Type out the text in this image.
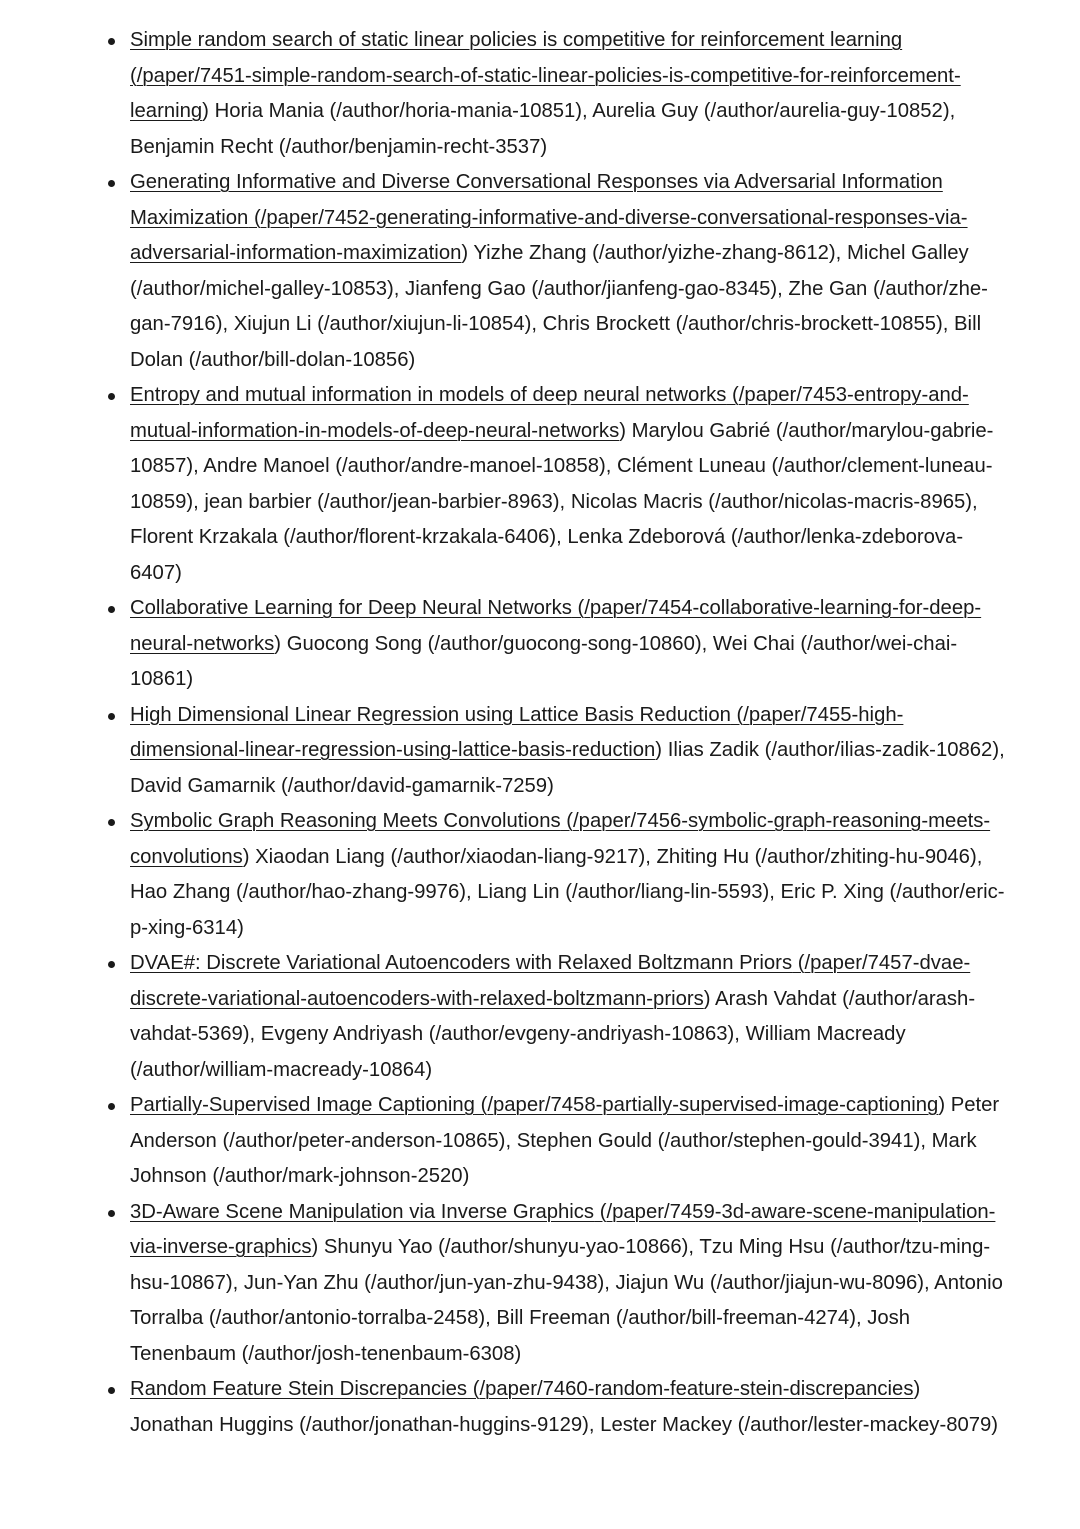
Simple random search of static linear policies is competitive for reinforcement learning (/paper/7451-simple-random-search-of-static-linear-policies-is-competitive-for-reinforcement-learning) Horia Mania (/author/horia-mania-10851), Aurelia Guy (/author/aurelia-guy-10852), Benjamin Recht (/author/benjamin-recht-3537)
Generating Informative and Diverse Conversational Responses via Adversarial Information Maximization (/paper/7452-generating-informative-and-diverse-conversational-responses-via-adversarial-information-maximization) Yizhe Zhang (/author/yizhe-zhang-8612), Michel Galley (/author/michel-galley-10853), Jianfeng Gao (/author/jianfeng-gao-8345), Zhe Gan (/author/zhe-gan-7916), Xiujun Li (/author/xiujun-li-10854), Chris Brockett (/author/chris-brockett-10855), Bill Dolan (/author/bill-dolan-10856)
Entropy and mutual information in models of deep neural networks (/paper/7453-entropy-and-mutual-information-in-models-of-deep-neural-networks) Marylou Gabrié (/author/marylou-gabrie-10857), Andre Manoel (/author/andre-manoel-10858), Clément Luneau (/author/clement-luneau-10859), jean barbier (/author/jean-barbier-8963), Nicolas Macris (/author/nicolas-macris-8965), Florent Krzakala (/author/florent-krzakala-6406), Lenka Zdeborová (/author/lenka-zdeborova-6407)
Collaborative Learning for Deep Neural Networks (/paper/7454-collaborative-learning-for-deep-neural-networks) Guocong Song (/author/guocong-song-10860), Wei Chai (/author/wei-chai-10861)
High Dimensional Linear Regression using Lattice Basis Reduction (/paper/7455-high-dimensional-linear-regression-using-lattice-basis-reduction) Ilias Zadik (/author/ilias-zadik-10862), David Gamarnik (/author/david-gamarnik-7259)
Symbolic Graph Reasoning Meets Convolutions (/paper/7456-symbolic-graph-reasoning-meets-convolutions) Xiaodan Liang (/author/xiaodan-liang-9217), Zhiting Hu (/author/zhiting-hu-9046), Hao Zhang (/author/hao-zhang-9976), Liang Lin (/author/liang-lin-5593), Eric P. Xing (/author/eric-p-xing-6314)
DVAE#: Discrete Variational Autoencoders with Relaxed Boltzmann Priors (/paper/7457-dvae-discrete-variational-autoencoders-with-relaxed-boltzmann-priors) Arash Vahdat (/author/arash-vahdat-5369), Evgeny Andriyash (/author/evgeny-andriyash-10863), William Macready (/author/william-macready-10864)
Partially-Supervised Image Captioning (/paper/7458-partially-supervised-image-captioning) Peter Anderson (/author/peter-anderson-10865), Stephen Gould (/author/stephen-gould-3941), Mark Johnson (/author/mark-johnson-2520)
3D-Aware Scene Manipulation via Inverse Graphics (/paper/7459-3d-aware-scene-manipulation-via-inverse-graphics) Shunyu Yao (/author/shunyu-yao-10866), Tzu Ming Hsu (/author/tzu-ming-hsu-10867), Jun-Yan Zhu (/author/jun-yan-zhu-9438), Jiajun Wu (/author/jiajun-wu-8096), Antonio Torralba (/author/antonio-torralba-2458), Bill Freeman (/author/bill-freeman-4274), Josh Tenenbaum (/author/josh-tenenbaum-6308)
Random Feature Stein Discrepancies (/paper/7460-random-feature-stein-discrepancies) Jonathan Huggins (/author/jonathan-huggins-9129), Lester Mackey (/author/lester-mackey-8079)
